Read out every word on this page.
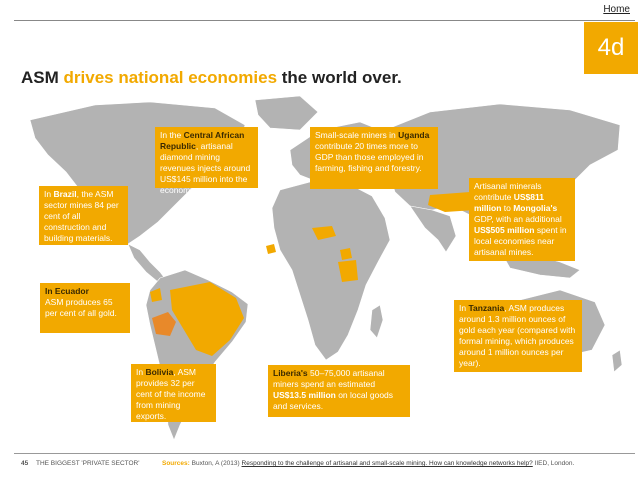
Home
4d
ASM drives national economies the world over.
In Brazil, the ASM sector mines 84 per cent of all construction and building materials.
In the Central African Republic, artisanal diamond mining revenues injects around US$145 million into the economy.
Small-scale miners in Uganda contribute 20 times more to GDP than those employed in farming, fishing and forestry.
Artisanal minerals contribute US$811 million to Mongolia's GDP, with an additional US$505 million spent in local economies near artisanal mines.
In Ecuador
ASM produces 65 per cent of all gold.	In Tanzania, ASM produces around 1.3 million ounces of gold each year (compared with formal mining, which produces around 1 million ounces per year).
In Bolivia, ASM provides 32 per cent of the income from mining exports.
Liberia's 50–75,000 artisanal miners spend an estimated US$13.5 million on local goods and services.
45 THE BIGGEST 'PRIVATE SECTOR'	Sources: Buxton, A (2013) Responding to the challenge of artisanal and small-scale mining. How can knowledge networks help? IIED, London.
